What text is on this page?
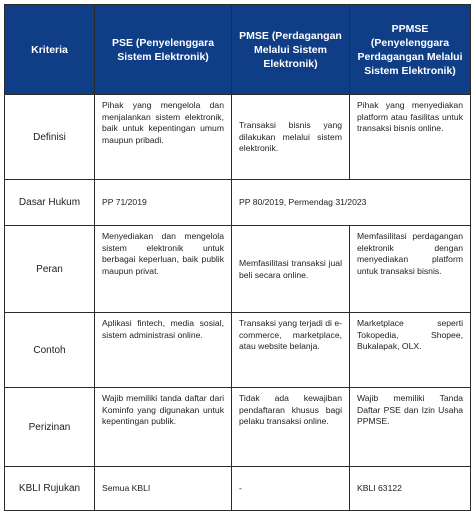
Kriteria	PSE (Penyelenggara Sistem Elektronik)	PMSE (Perdagangan Melalui Sistem Elektronik)	PPMSE (Penyelenggara Perdagangan Melalui Sistem Elektronik)
Definisi	Pihak yang mengelola dan menjalankan sistem elektronik, baik untuk kepentingan umum maupun pribadi.	Transaksi bisnis yang dilakukan melalui sistem elektronik.	Pihak yang menyediakan platform atau fasilitas untuk transaksi bisnis online.
Dasar Hukum	PP 71/2019	PP 80/2019, Permendag 31/2023	
Peran	Menyediakan dan mengelola sistem elektronik untuk berbagai keperluan, baik publik maupun privat.	Memfasilitasi transaksi jual beli secara online.	Memfasilitasi perdagangan elektronik dengan menyediakan platform untuk transaksi bisnis.
Contoh	Aplikasi fintech, media sosial, sistem administrasi online.	Transaksi yang terjadi di e-commerce, marketplace, atau website belanja.	Marketplace seperti Tokopedia, Shopee, Bukalapak, OLX.
Perizinan	Wajib memiliki tanda daftar dari Kominfo yang digunakan untuk kepentingan publik.	Tidak ada kewajiban pendaftaran khusus bagi pelaku transaksi online.	Wajib memiliki Tanda Daftar PSE dan Izin Usaha PPMSE.
KBLI Rujukan	Semua KBLI	-	KBLI 63122
